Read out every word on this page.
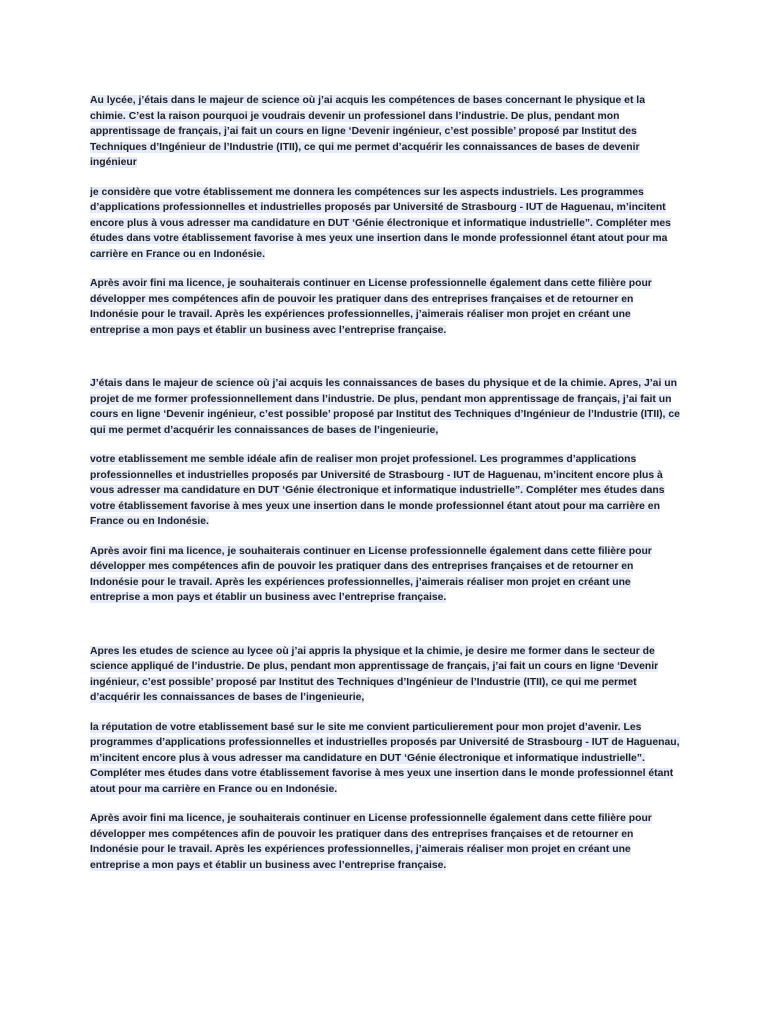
Au lycée, j’étais dans le majeur de science où j’ai acquis les compétences de bases concernant le physique et la chimie. C’est la raison pourquoi je voudrais devenir un professionel dans l’industrie. De plus, pendant mon apprentissage de français, j’ai fait un cours en ligne ‘Devenir ingénieur, c’est possible’ proposé par Institut des Techniques d’Ingénieur de l’Industrie (ITII), ce qui me permet d’acquérir les connaissances de bases de devenir ingénieur

je considère que votre établissement me donnera les compétences sur les aspects industriels. Les programmes d’applications professionnelles et industrielles proposés par Université de Strasbourg - IUT de Haguenau, m’incitent encore plus à vous adresser ma candidature en DUT ‘Génie électronique et informatique industrielle”. Compléter mes études dans votre établissement favorise à mes yeux une insertion dans le monde professionnel étant atout pour ma carrière en France ou en Indonésie.

Après avoir fini ma licence, je souhaiterais continuer en License professionnelle également dans cette filière pour développer mes compétences afin de pouvoir les pratiquer dans des entreprises françaises et de retourner en Indonésie pour le travail. Après les expériences professionnelles, j’aimerais réaliser mon projet en créant une entreprise a mon pays et établir un business avec l’entreprise française.

J’étais dans le majeur de science où j’ai acquis les connaissances de bases du physique et de la chimie. Apres, J’ai un projet de me former professionnellement dans l’industrie. De plus, pendant mon apprentissage de français, j’ai fait un cours en ligne ‘Devenir ingénieur, c’est possible’ proposé par Institut des Techniques d’Ingénieur de l’Industrie (ITII), ce qui me permet d’acquérir les connaissances de bases de l’ingenieurie,

votre etablissement me semble idéale afin de realiser mon projet professionel. Les programmes d’applications professionnelles et industrielles proposés par Université de Strasbourg - IUT de Haguenau, m’incitent encore plus à vous adresser ma candidature en DUT ‘Génie électronique et informatique industrielle”. Compléter mes études dans votre établissement favorise à mes yeux une insertion dans le monde professionnel étant atout pour ma carrière en France ou en Indonésie.

Après avoir fini ma licence, je souhaiterais continuer en License professionnelle également dans cette filière pour développer mes compétences afin de pouvoir les pratiquer dans des entreprises françaises et de retourner en Indonésie pour le travail. Après les expériences professionnelles, j’aimerais réaliser mon projet en créant une entreprise a mon pays et établir un business avec l’entreprise française.

Apres les etudes de science au lycee où j’ai appris la physique et la chimie, je desire me former dans le secteur de science appliqué de l’industrie. De plus, pendant mon apprentissage de français, j’ai fait un cours en ligne ‘Devenir ingénieur, c’est possible’ proposé par Institut des Techniques d’Ingénieur de l’Industrie (ITII), ce qui me permet d’acquérir les connaissances de bases de l’ingenieurie,

la réputation de votre etablissement basé sur le site me convient particulierement pour mon projet d’avenir. Les programmes d’applications professionnelles et industrielles proposés par Université de Strasbourg - IUT de Haguenau, m’incitent encore plus à vous adresser ma candidature en DUT ‘Génie électronique et informatique industrielle”. Compléter mes études dans votre établissement favorise à mes yeux une insertion dans le monde professionnel étant atout pour ma carrière en France ou en Indonésie.

Après avoir fini ma licence, je souhaiterais continuer en License professionnelle également dans cette filière pour développer mes compétences afin de pouvoir les pratiquer dans des entreprises françaises et de retourner en Indonésie pour le travail. Après les expériences professionnelles, j’aimerais réaliser mon projet en créant une entreprise a mon pays et établir un business avec l’entreprise française.
